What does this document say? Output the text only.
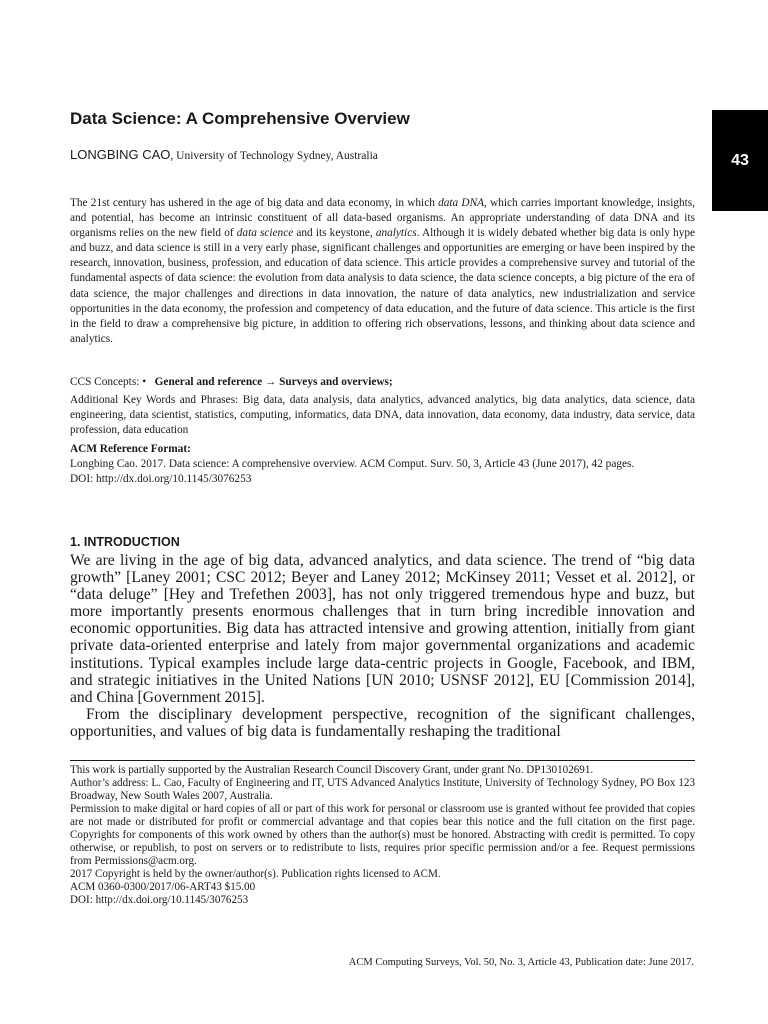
43
Data Science: A Comprehensive Overview
LONGBING CAO, University of Technology Sydney, Australia
The 21st century has ushered in the age of big data and data economy, in which data DNA, which carries important knowledge, insights, and potential, has become an intrinsic constituent of all data-based organisms. An appropriate understanding of data DNA and its organisms relies on the new field of data science and its keystone, analytics. Although it is widely debated whether big data is only hype and buzz, and data science is still in a very early phase, significant challenges and opportunities are emerging or have been inspired by the research, innovation, business, profession, and education of data science. This article provides a comprehensive survey and tutorial of the fundamental aspects of data science: the evolution from data analysis to data science, the data science concepts, a big picture of the era of data science, the major challenges and directions in data innovation, the nature of data analytics, new industrialization and service opportunities in the data economy, the profession and competency of data education, and the future of data science. This article is the first in the field to draw a comprehensive big picture, in addition to offering rich observations, lessons, and thinking about data science and analytics.
CCS Concepts: • General and reference → Surveys and overviews;
Additional Key Words and Phrases: Big data, data analysis, data analytics, advanced analytics, big data analytics, data science, data engineering, data scientist, statistics, computing, informatics, data DNA, data innovation, data economy, data industry, data service, data profession, data education
ACM Reference Format:
Longbing Cao. 2017. Data science: A comprehensive overview. ACM Comput. Surv. 50, 3, Article 43 (June 2017), 42 pages.
DOI: http://dx.doi.org/10.1145/3076253
1. INTRODUCTION

We are living in the age of big data, advanced analytics, and data science. The trend of “big data growth” [Laney 2001; CSC 2012; Beyer and Laney 2012; McKinsey 2011; Vesset et al. 2012], or “data deluge” [Hey and Trefethen 2003], has not only triggered tremendous hype and buzz, but more importantly presents enormous challenges that in turn bring incredible innovation and economic opportunities. Big data has attracted intensive and growing attention, initially from giant private data-oriented enterprise and lately from major governmental organizations and academic institutions. Typical examples include large data-centric projects in Google, Facebook, and IBM, and strategic initiatives in the United Nations [UN 2010; USNSF 2012], EU [Commission 2014], and China [Government 2015].

From the disciplinary development perspective, recognition of the significant challenges, opportunities, and values of big data is fundamentally reshaping the traditional

This work is partially supported by the Australian Research Council Discovery Grant, under grant No. DP130102691.
Author’s address: L. Cao, Faculty of Engineering and IT, UTS Advanced Analytics Institute, University of Technology Sydney, PO Box 123 Broadway, New South Wales 2007, Australia.
Permission to make digital or hard copies of all or part of this work for personal or classroom use is granted without fee provided that copies are not made or distributed for profit or commercial advantage and that copies bear this notice and the full citation on the first page. Copyrights for components of this work owned by others than the author(s) must be honored. Abstracting with credit is permitted. To copy otherwise, or republish, to post on servers or to redistribute to lists, requires prior specific permission and/or a fee. Request permissions from Permissions@acm.org.
2017 Copyright is held by the owner/author(s). Publication rights licensed to ACM.
ACM 0360-0300/2017/06-ART43 $15.00
DOI: http://dx.doi.org/10.1145/3076253
ACM Computing Surveys, Vol. 50, No. 3, Article 43, Publication date: June 2017.
